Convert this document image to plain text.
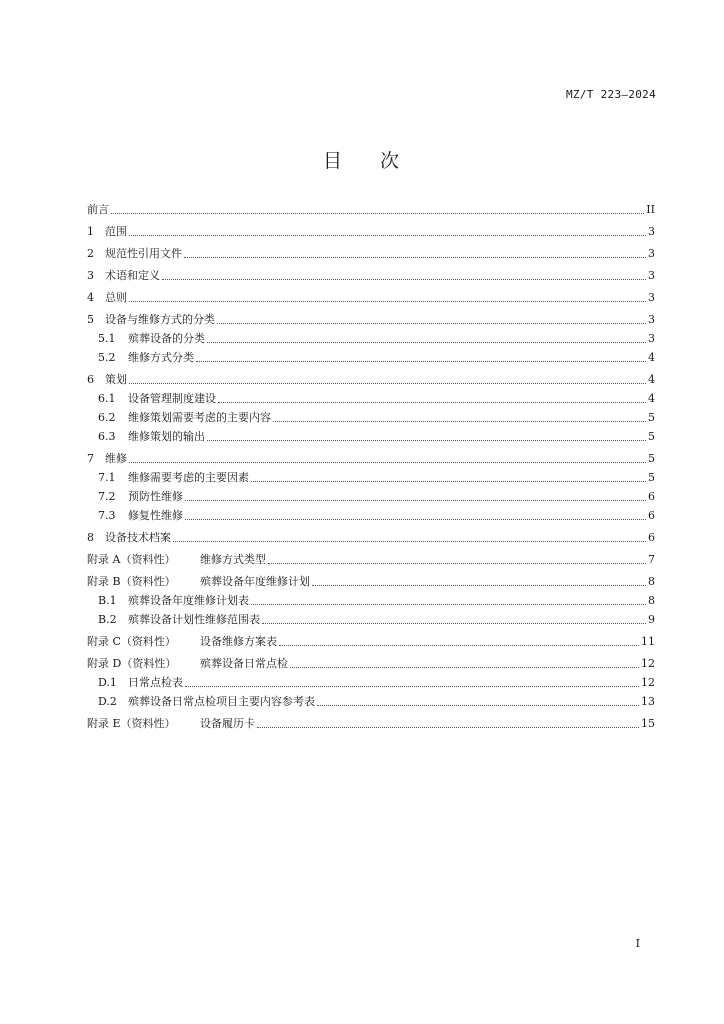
MZ/T 223—2024
目 次
前言	II
1	范围	3
2	规范性引用文件	3
3	术语和定义	3
4	总则	3
5	设备与维修方式的分类	3
5.1	殡葬设备的分类	3
5.2	维修方式分类	4
6	策划	4
6.1	设备管理制度建设	4
6.2	维修策划需要考虑的主要内容	5
6.3	维修策划的输出	5
7	维修	5
7.1	维修需要考虑的主要因素	5
7.2	预防性维修	6
7.3	修复性维修	6
8	设备技术档案	6
附录 A（资料性）	维修方式类型	7
附录 B（资料性）	殡葬设备年度维修计划	8
B.1	殡葬设备年度维修计划表	8
B.2	殡葬设备计划性维修范围表	9
附录 C（资料性）	设备维修方案表	11
附录 D（资料性）	殡葬设备日常点检	12
D.1	日常点检表	12
D.2	殡葬设备日常点检项目主要内容参考表	13
附录 E（资料性）	设备履历卡	15
I
